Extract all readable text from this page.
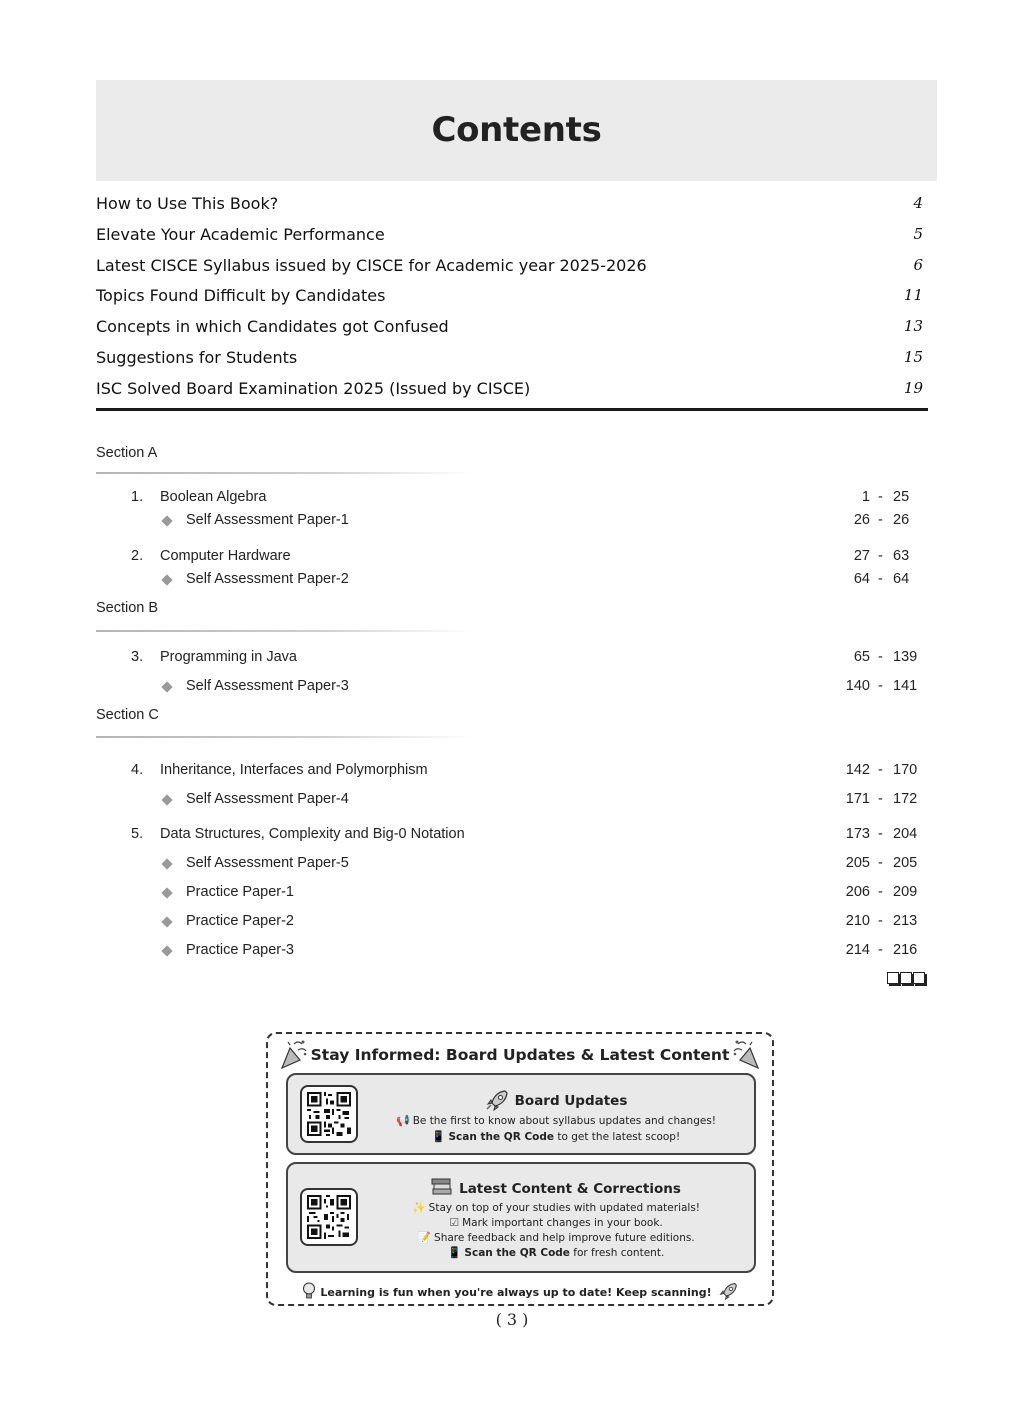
Contents
How to Use This Book?	4
Elevate Your Academic Performance	5
Latest CISCE Syllabus issued by CISCE for Academic year 2025-2026	6
Topics Found Difficult by Candidates	11
Concepts in which Candidates got Confused	13
Suggestions for Students	15
ISC Solved Board Examination 2025 (Issued by CISCE)	19
Section A
1. Boolean Algebra	1 - 25
Self Assessment Paper-1	26 - 26
2. Computer Hardware	27 - 63
Self Assessment Paper-2	64 - 64
Section B
3. Programming in Java	65 - 139
Self Assessment Paper-3	140 - 141
Section C
4. Inheritance, Interfaces and Polymorphism	142 - 170
Self Assessment Paper-4	171 - 172
5. Data Structures, Complexity and Big-0 Notation	173 - 204
Self Assessment Paper-5	205 - 205
Practice Paper-1	206 - 209
Practice Paper-2	210 - 213
Practice Paper-3	214 - 216
Stay Informed: Board Updates & Latest Content
Board Updates
📢 Be the first to know about syllabus updates and changes!
📱 Scan the QR Code to get the latest scoop!
Latest Content & Corrections
✨ Stay on top of your studies with updated materials!
☑ Mark important changes in your book.
📝 Share feedback and help improve future editions.
📱 Scan the QR Code for fresh content.
Learning is fun when you're always up to date! Keep scanning!
( 3 )
